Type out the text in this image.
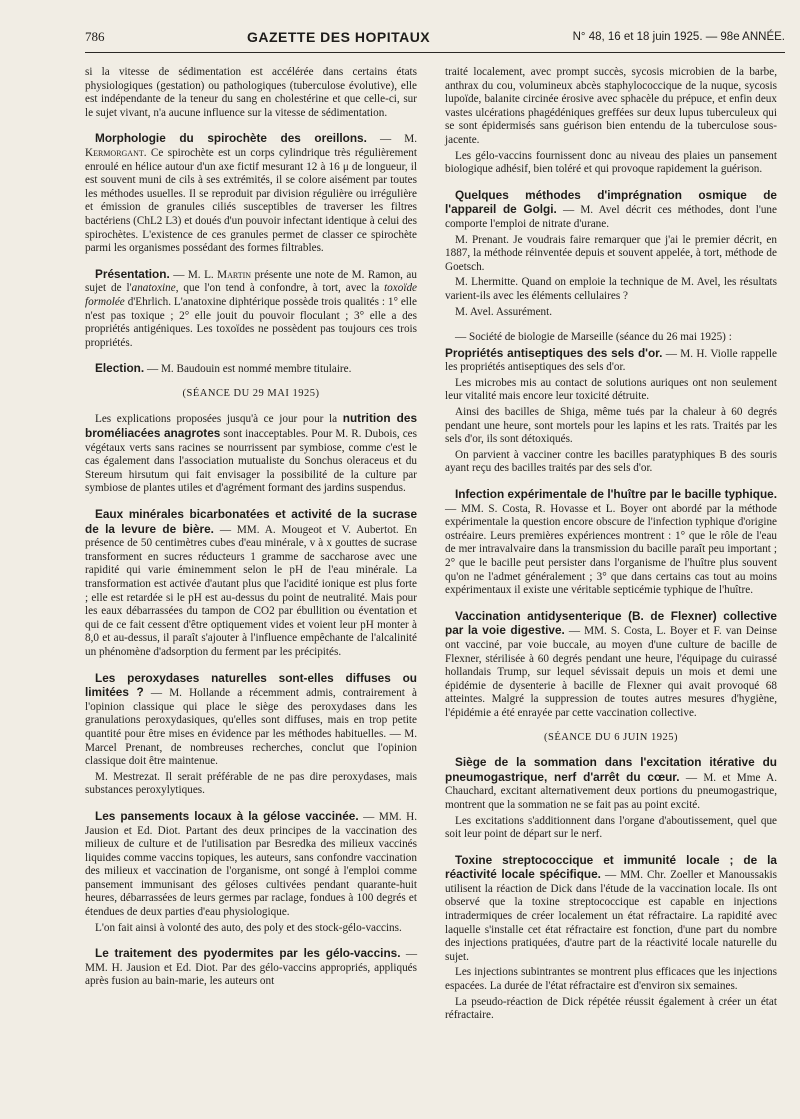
786	GAZETTE DES HOPITAUX	N° 48, 16 et 18 juin 1925. — 98e ANNÉE.

si la vitesse de sédimentation est accélérée dans certains états physiologiques (gestation) ou pathologiques (tuberculose évolutive), elle est indépendante de la teneur du sang en cholestérine et que celle-ci, sur le sujet vivant, n'a aucune influence sur la vitesse de sédimentation.

Morphologie du spirochète des oreillons. — M. Kermorgant. Ce spirochète est un corps cylindrique très régulièrement enroulé en hélice autour d'un axe fictif mesurant 12 à 16 μ de longueur, il est souvent muni de cils à ses extrémités, il se colore aisément par toutes les méthodes usuelles. Il se reproduit par division régulière ou irrégulière et émission de granules ciliés susceptibles de traverser les filtres bactériens (ChL2 L3) et doués d'un pouvoir infectant identique à celui des spirochètes. L'existence de ces granules permet de classer ce spirochète parmi les organismes possédant des formes filtrables.

Présentation. — M. L. Martin présente une note de M. Ramon, au sujet de l'anatoxine, que l'on tend à confondre, à tort, avec la toxoïde formolée d'Ehrlich. L'anatoxine diphtérique possède trois qualités : 1° elle n'est pas toxique ; 2° elle jouit du pouvoir floculant ; 3° elle a des propriétés antigéniques. Les toxoïdes ne possèdent pas toujours ces trois propriétés.

Election. — M. Baudouin est nommé membre titulaire.

(SÉANCE DU 29 MAI 1925)

Les explications proposées jusqu'à ce jour pour la nutrition des broméliacées anagrotes sont inacceptables. Pour M. R. Dubois, ces végétaux verts sans racines se nourrissent par symbiose, comme c'est le cas également dans l'association mutualiste du Sonchus oleraceus et du Stereum hirsutum qui fait envisager la possibilité de la culture par symbiose de plantes utiles et d'agrément formant des jardins suspendus.

Eaux minérales bicarbonatées et activité de la sucrase de la levure de bière. — MM. A. Mougeot et V. Aubertot. En présence de 50 centimètres cubes d'eau minérale, v à x gouttes de sucrase transforment en sucres réducteurs 1 gramme de saccharose avec une rapidité qui varie éminemment selon le pH de l'eau minérale. La transformation est activée d'autant plus que l'acidité ionique est plus forte ; elle est retardée si le pH est au-dessus du point de neutralité. Mais pour les eaux débarrassées du tampon de CO2 par ébullition ou éventation et qui de ce fait cessent d'être optiquement vides et voient leur pH monter à 8,0 et au-dessus, il paraît s'ajouter à l'influence empêchante de l'alcalinité un phénomène d'adsorption du ferment par les précipités.

Les peroxydases naturelles sont-elles diffuses ou limitées ? — M. Hollande a récemment admis, contrairement à l'opinion classique qui place le siège des peroxydases dans les granulations peroxydasiques, qu'elles sont diffuses, mais en trop petite quantité pour être mises en évidence par les méthodes habituelles. — M. Marcel Prenant, de nombreuses recherches, conclut que l'opinion classique doit être maintenue.

M. Mestrezat. Il serait préférable de ne pas dire peroxydases, mais substances peroxylytiques.

Les pansements locaux à la gélose vaccinée. — MM. H. Jausion et Ed. Diot. Partant des deux principes de la vaccination des milieux de culture et de l'utilisation par Besredka des milieux vaccinés liquides comme vaccins topiques, les auteurs, sans confondre vaccination des milieux et vaccination de l'organisme, ont songé à l'emploi comme pansement immunisant des géloses cultivées pendant quarante-huit heures, débarrassées de leurs germes par raclage, fondues à 100 degrés et étendues de deux parties d'eau physiologique.

L'on fait ainsi à volonté des auto, des poly et des stock-gélo-vaccins.

Le traitement des pyodermites par les gélo-vaccins. — MM. H. Jausion et Ed. Diot. Par des gélo-vaccins appropriés, appliqués après fusion au bain-marie, les auteurs ont

traité localement, avec prompt succès, sycosis microbien de la barbe, anthrax du cou, volumineux abcès staphylococcique de la nuque, sycosis lupoïde, balanite circinée érosive avec sphacèle du prépuce, et enfin deux vastes ulcérations phagédéniques greffées sur deux lupus tuberculeux qui se sont épidermisés sans guérison bien entendu de la tuberculose sous-jacente.

Les gélo-vaccins fournissent donc au niveau des plaies un pansement biologique adhésif, bien toléré et qui provoque rapidement la guérison.

Quelques méthodes d'imprégnation osmique de l'appareil de Golgi. — M. Avel décrit ces méthodes, dont l'une comporte l'emploi de nitrate d'urane.

M. Prenant. Je voudrais faire remarquer que j'ai le premier décrit, en 1887, la méthode réinventée depuis et souvent appelée, à tort, méthode de Goetsch.

M. Lhermitte. Quand on emploie la technique de M. Avel, les résultats varient-ils avec les éléments cellulaires ?

M. Avel. Assurément.

— Société de biologie de Marseille (séance du 26 mai 1925) :

Propriétés antiseptiques des sels d'or. — M. H. Violle rappelle les propriétés antiseptiques des sels d'or.

Les microbes mis au contact de solutions auriques ont non seulement leur vitalité mais encore leur toxicité détruite.

Ainsi des bacilles de Shiga, même tués par la chaleur à 60 degrés pendant une heure, sont mortels pour les lapins et les rats. Traités par les sels d'or, ils sont détoxiqués.

On parvient à vacciner contre les bacilles paratyphiques B des souris ayant reçu des bacilles traités par des sels d'or.

Infection expérimentale de l'huître par le bacille typhique. — MM. S. Costa, R. Hovasse et L. Boyer ont abordé par la méthode expérimentale la question encore obscure de l'infection typhique d'origine ostréaire. Leurs premières expériences montrent : 1° que le rôle de l'eau de mer intravalvaire dans la transmission du bacille paraît peu important ; 2° que le bacille peut persister dans l'organisme de l'huître plus souvent qu'on ne l'admet généralement ; 3° que dans certains cas tout au moins expérimentaux il existe une véritable septicémie typhique de l'huître.

Vaccination antidysenterique (B. de Flexner) collective par la voie digestive. — MM. S. Costa, L. Boyer et F. van Deinse ont vacciné, par voie buccale, au moyen d'une culture de bacille de Flexner, stérilisée à 60 degrés pendant une heure, l'équipage du cuirassé hollandais Trump, sur lequel sévissait depuis un mois et demi une épidémie de dysenterie à bacille de Flexner qui avait provoqué 68 atteintes. Malgré la suppression de toutes autres mesures d'hygiène, l'épidémie a été enrayée par cette vaccination collective.

(SÉANCE DU 6 JUIN 1925)

Siège de la sommation dans l'excitation itérative du pneumogastrique, nerf d'arrêt du cœur. — M. et Mme A. Chauchard, excitant alternativement deux portions du pneumogastrique, montrent que la sommation ne se fait pas au point excité.

Les excitations s'additionnent dans l'organe d'aboutissement, quel que soit leur point de départ sur le nerf.

Toxine streptococcique et immunité locale ; de la réactivité locale spécifique. — MM. Chr. Zoeller et Manoussakis utilisent la réaction de Dick dans l'étude de la vaccination locale. Ils ont observé que la toxine streptococcique est capable en injections intradermiques de créer localement un état réfractaire. La rapidité avec laquelle s'installe cet état réfractaire est fonction, d'une part du nombre des injections pratiquées, d'autre part de la réactivité locale naturelle du sujet.

Les injections subintrantes se montrent plus efficaces que les injections espacées. La durée de l'état réfractaire est d'environ six semaines.

La pseudo-réaction de Dick répétée réussit également à créer un état réfractaire.
